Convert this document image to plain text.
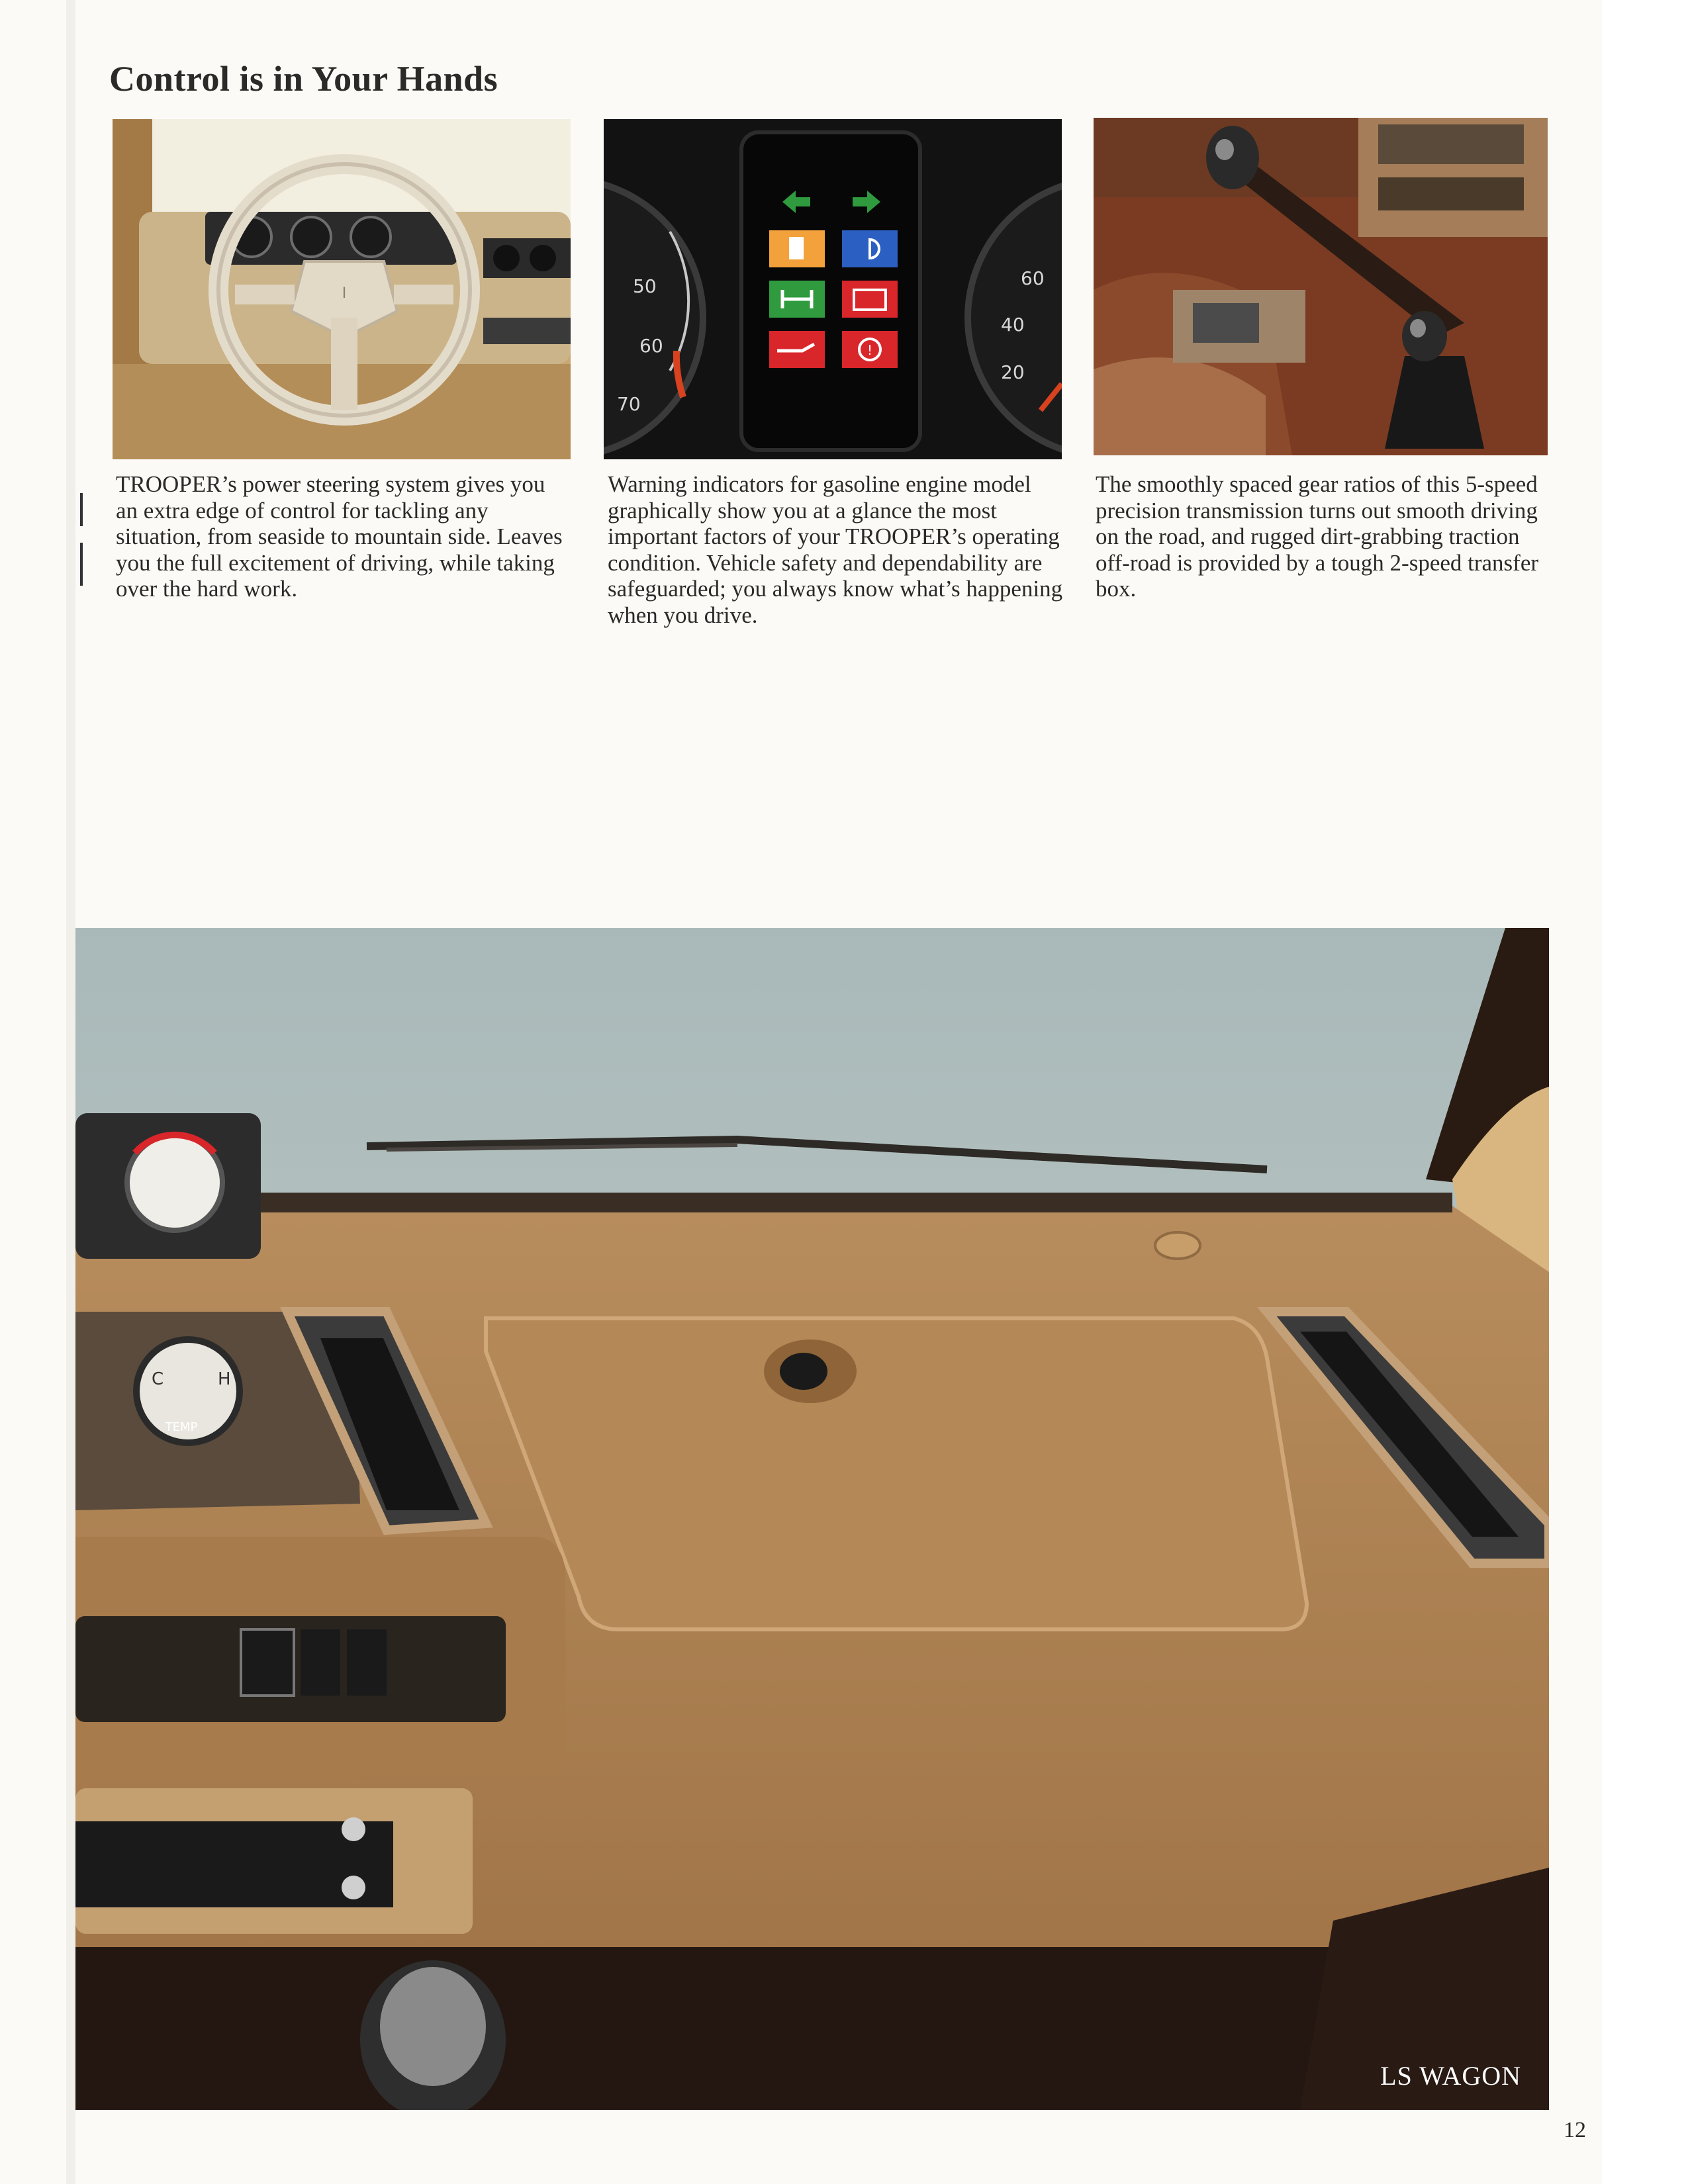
Control is in Your Hands
I	50
60
70
60
40
20
!

TROOPER’s power steering system gives you an extra edge of control for tackling any situation, from seaside to mountain side. Leaves you the full excitement of driving, while taking over the hard work.

Warning indicators for gasoline engine model graphically show you at a glance the most important factors of your TROOPER’s operating condition. Vehicle safety and dependability are safeguarded; you always know what’s happening when you drive.

The smoothly spaced gear ratios of this 5-speed precision transmission turns out smooth driving on the road, and rugged dirt-grabbing traction off-road is provided by a tough 2-speed transfer box.

C	H
TEMP
LS WAGON
12
